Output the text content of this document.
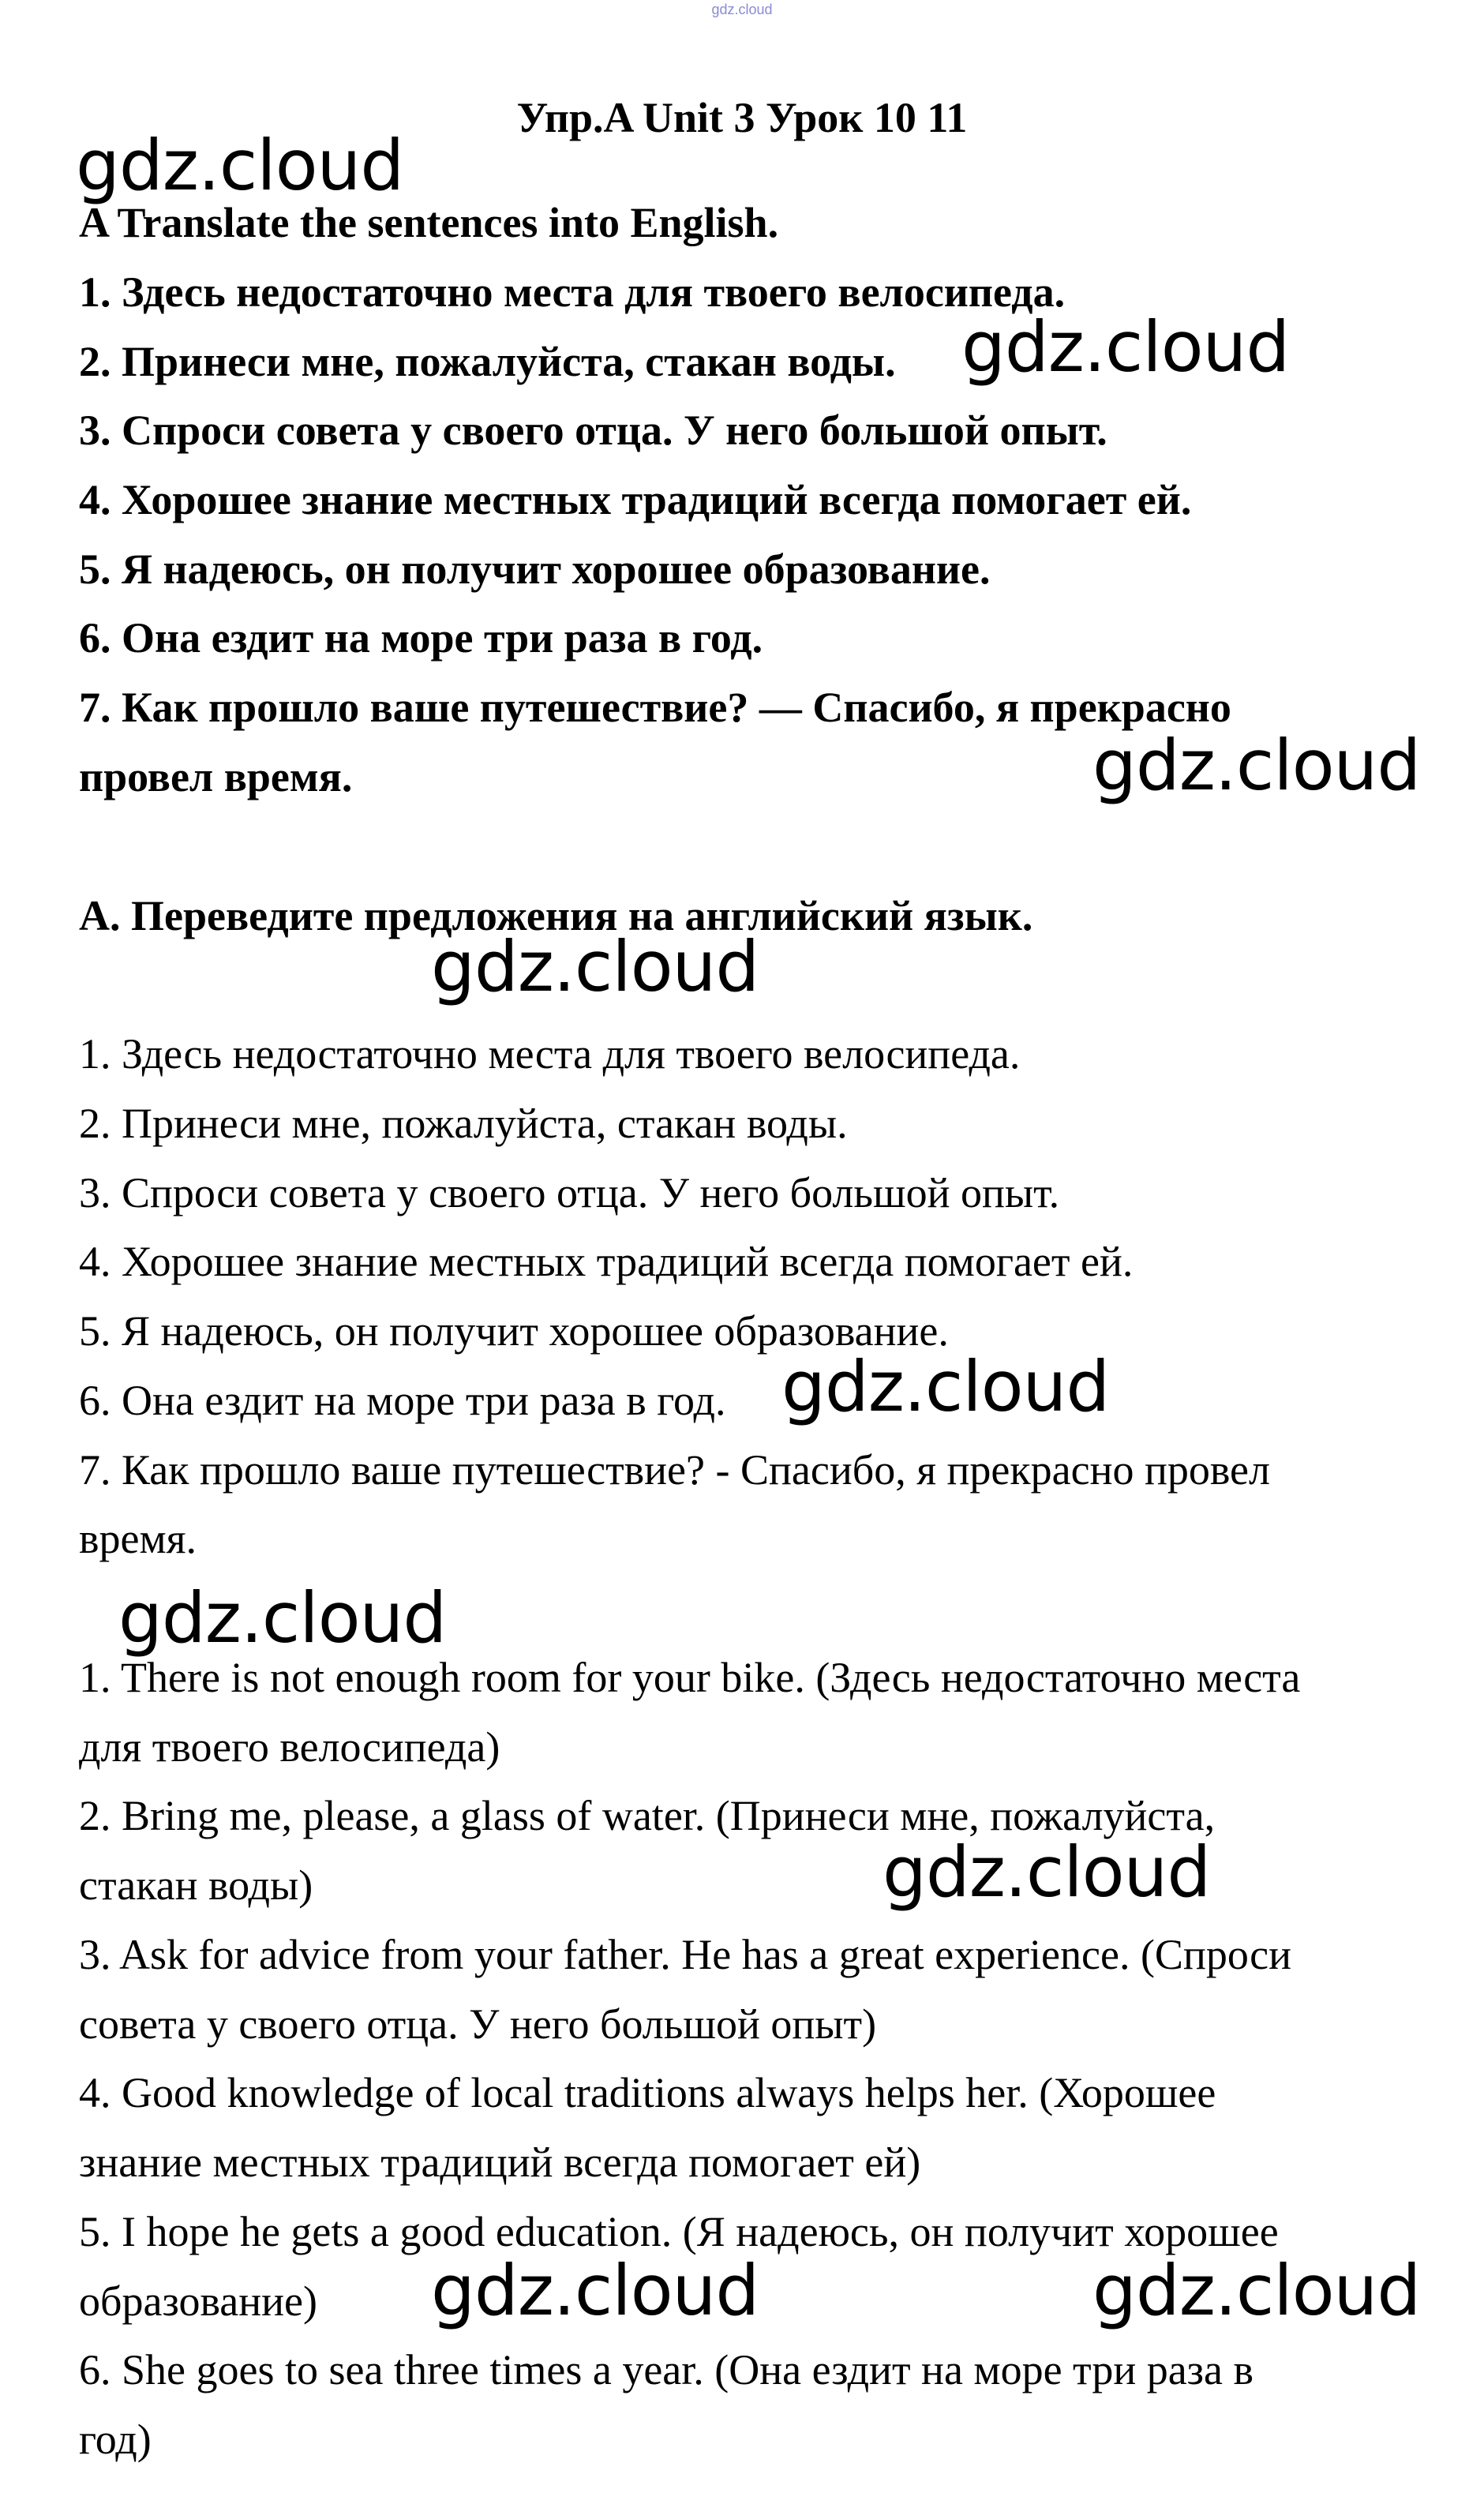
gdz.cloud
Упр.A Unit 3 Урок 10 11
A Translate the sentences into English.
1. Здесь недостаточно места для твоего велосипеда.
2. Принеси мне, пожалуйста, стакан воды.
3. Спроси совета у своего отца. У него большой опыт.
4. Хорошее знание местных традиций всегда помогает ей.
5. Я надеюсь, он получит хорошее образование.
6. Она ездит на море три раза в год.
7. Как прошло ваше путешествие? — Спасибо, я прекрасно
провел время.
A. Переведите предложения на английский язык.
1. Здесь недостаточно места для твоего велосипеда.
2. Принеси мне, пожалуйста, стакан воды.
3. Спроси совета у своего отца. У него большой опыт.
4. Хорошее знание местных традиций всегда помогает ей.
5. Я надеюсь, он получит хорошее образование.
6. Она ездит на море три раза в год.
7. Как прошло ваше путешествие? - Спасибо, я прекрасно провел
время.
1. There is not enough room for your bike. (Здесь недостаточно места
для твоего велосипеда)
2. Bring me, please, a glass of water. (Принеси мне, пожалуйста,
стакан воды)
3. Ask for advice from your father. He has a great experience. (Спроси
совета у своего отца. У него большой опыт)
4. Good knowledge of local traditions always helps her. (Хорошее
знание местных традиций всегда помогает ей)
5. I hope he gets a good education. (Я надеюсь, он получит хорошее
образование)
6. She goes to sea three times a year. (Она ездит на море три раза в
год)
gdz.cloud
gdz.cloud
gdz.cloud
gdz.cloud
gdz.cloud
gdz.cloud
gdz.cloud
gdz.cloud	gdz.cloud
